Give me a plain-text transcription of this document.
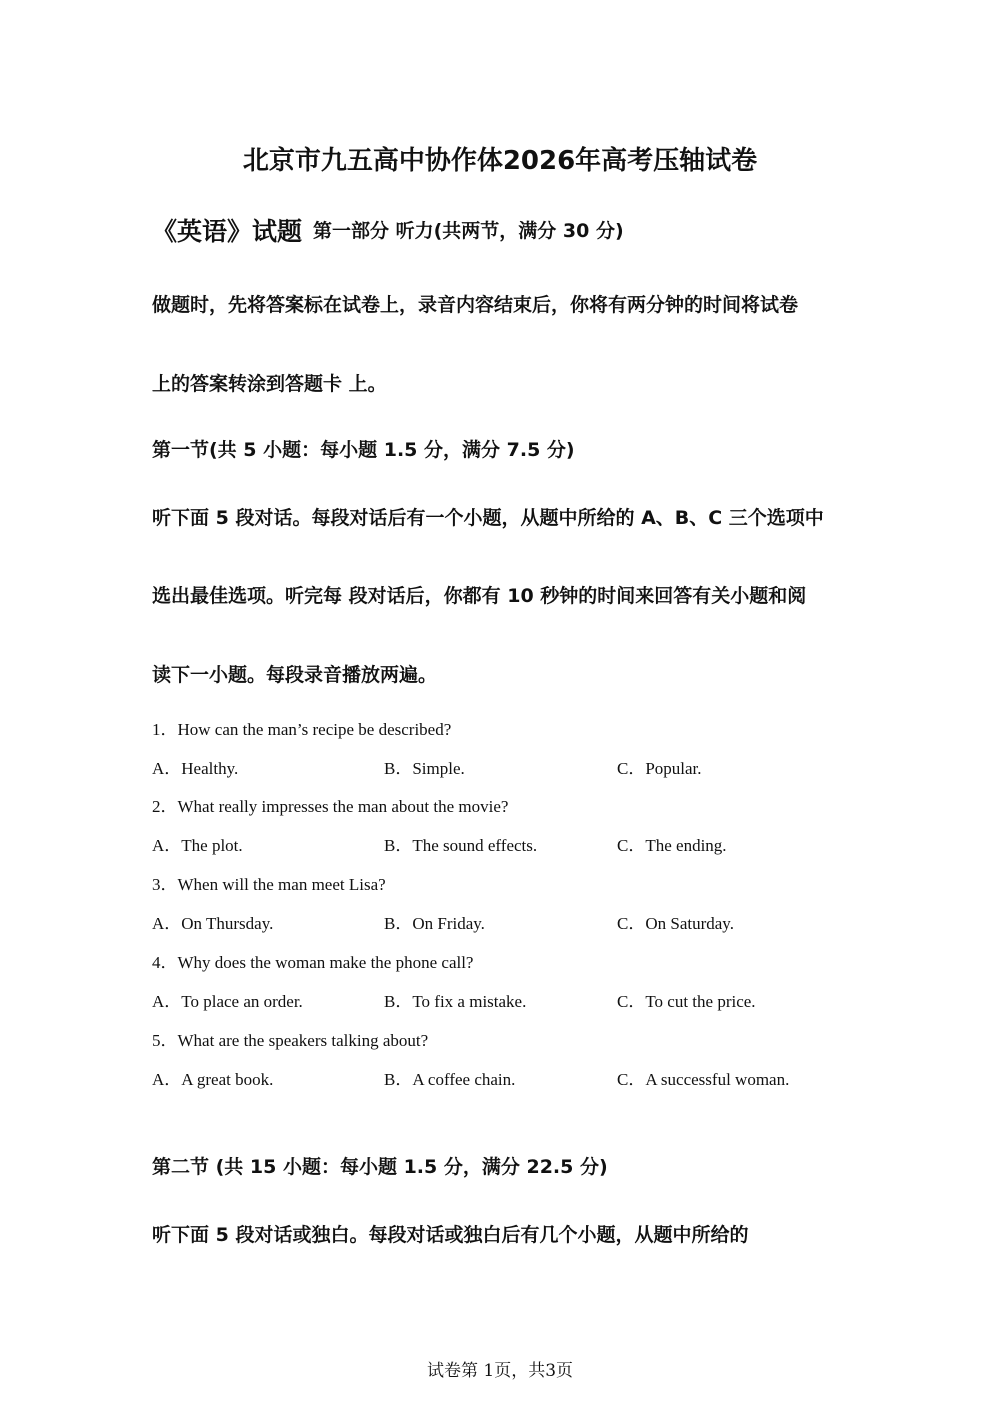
北京市九五高中协作体2026年高考压轴试卷
《英语》试题 第一部分 听力(共两节，满分 30 分)
做题时，先将答案标在试卷上，录音内容结束后，你将有两分钟的时间将试卷
上的答案转涂到答题卡 上。
第一节(共 5 小题：每小题 1.5 分，满分 7.5 分)
听下面 5 段对话。每段对话后有一个小题，从题中所给的 A、B、C 三个选项中
选出最佳选项。听完每 段对话后，你都有 10 秒钟的时间来回答有关小题和阅
读下一小题。每段录音播放两遍。
1．How can the man’s recipe be described?
A．Healthy.	B．Simple.	C．Popular.
2．What really impresses the man about the movie?
A．The plot.	B．The sound effects.	C．The ending.
3．When will the man meet Lisa?
A．On Thursday.	B．On Friday.	C．On Saturday.
4．Why does the woman make the phone call?
A．To place an order.	B．To fix a mistake.	C．To cut the price.
5．What are the speakers talking about?
A．A great book.	B．A coffee chain.	C．A successful woman.
第二节 (共 15 小题：每小题 1.5 分，满分 22.5 分)
听下面 5 段对话或独白。每段对话或独白后有几个小题，从题中所给的
试卷第 1页，共3页
